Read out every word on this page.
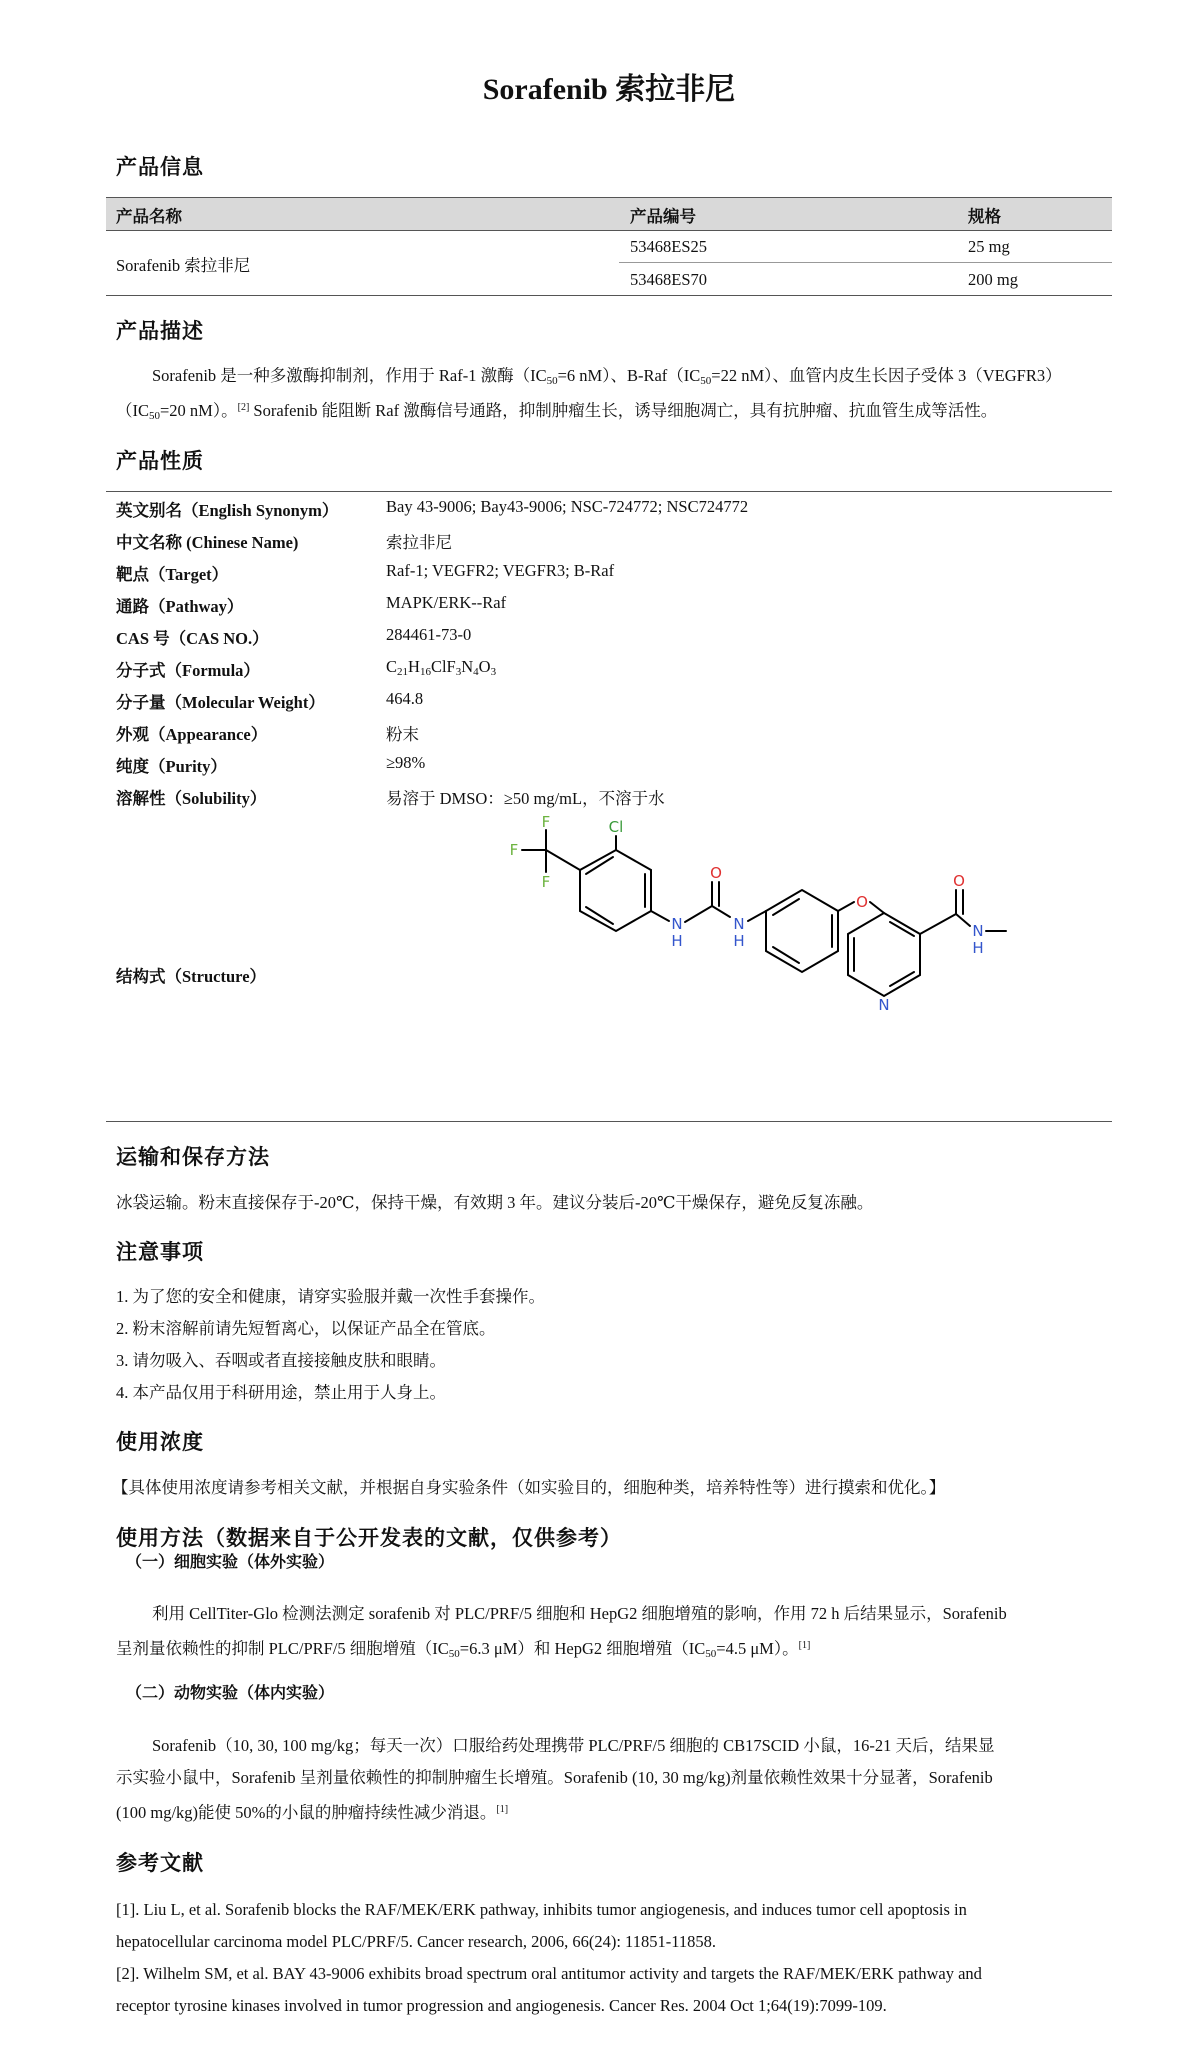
Sorafenib 索拉非尼
产品信息
产品名称	产品编号	规格
Sorafenib 索拉非尼
53468ES25	25 mg
53468ES70	200 mg
产品描述
Sorafenib 是一种多激酶抑制剂，作用于 Raf-1 激酶（$IC_{50}=6$ nM）、$B-Raf(IC_{50}=22$ nM）、血管内皮生长因子受体 3（VEGFR3）
（$IC_{50}=20$ nM）。[2] Sorafenib 能阻断 Raf 激酶信号通路，抑制肿瘤生长，诱导细胞凋亡，具有抗肿瘤、抗血管生成等活性。
产品性质
英文别名（English Synonym）	Bay 43-9006; Bay43-9006; NSC-724772; NSC724772
中文名称 (Chinese Name)	索拉非尼
靶点（Target）	Raf-1; VEGFR2; VEGFR3; B-Raf
通路（Pathway）	MAPK/ERK--Raf
CAS 号（CAS NO.）	284461-73-0
分子式（Formula）	$C_{21}H_{16}ClF_3N_4O_3$
分子量（Molecular Weight）	464.8
外观（Appearance）	粉末
纯度（Purity）	≥98%
溶解性（Solubility）	易溶于 DMSO：≥50 mg/mL，不溶于水
结构式（Structure）
Cl
F
F
F
N
H
O
N
H
O
N
O
N
H
运输和保存方法
冰袋运输。粉末直接保存于-20℃，保持干燥，有效期 3 年。建议分装后-20℃干燥保存，避免反复冻融。
注意事项
1. 为了您的安全和健康，请穿实验服并戴一次性手套操作。
2. 粉末溶解前请先短暂离心，以保证产品全在管底。
3. 请勿吸入、吞咽或者直接接触皮肤和眼睛。
4. 本产品仅用于科研用途，禁止用于人身上。
使用浓度
【具体使用浓度请参考相关文献，并根据自身实验条件（如实验目的，细胞种类，培养特性等）进行摸索和优化。】
使用方法（数据来自于公开发表的文献，仅供参考）
（一）细胞实验（体外实验）
利用 CellTiter-Glo 检测法测定 sorafenib 对 PLC/PRF/5 细胞和 HepG2 细胞增殖的影响，作用 72 h 后结果显示，Sorafenib
呈剂量依赖性的抑制 PLC/PRF/5 细胞增殖（$IC_{50}=6.3$ μM）和 HepG2 细胞增殖（$IC_{50}=4.5$ μM）。[1]
（二）动物实验（体内实验）
Sorafenib（10, 30, 100 mg/kg；每天一次）口服给药处理携带 PLC/PRF/5 细胞的 CB17SCID 小鼠，16-21 天后，结果显
示实验小鼠中，Sorafenib 呈剂量依赖性的抑制肿瘤生长增殖。Sorafenib (10, 30 mg/kg)剂量依赖性效果十分显著，Sorafenib
(100 mg/kg)能使 50%的小鼠的肿瘤持续性减少消退。[1]
参考文献
[1]. Liu L, et al. Sorafenib blocks the RAF/MEK/ERK pathway, inhibits tumor angiogenesis, and induces tumor cell apoptosis in
hepatocellular carcinoma model PLC/PRF/5. Cancer research, 2006, 66(24): 11851-11858.
[2]. Wilhelm SM, et al. BAY 43-9006 exhibits broad spectrum oral antitumor activity and targets the RAF/MEK/ERK pathway and
receptor tyrosine kinases involved in tumor progression and angiogenesis. Cancer Res. 2004 Oct 1;64(19):7099-109.
